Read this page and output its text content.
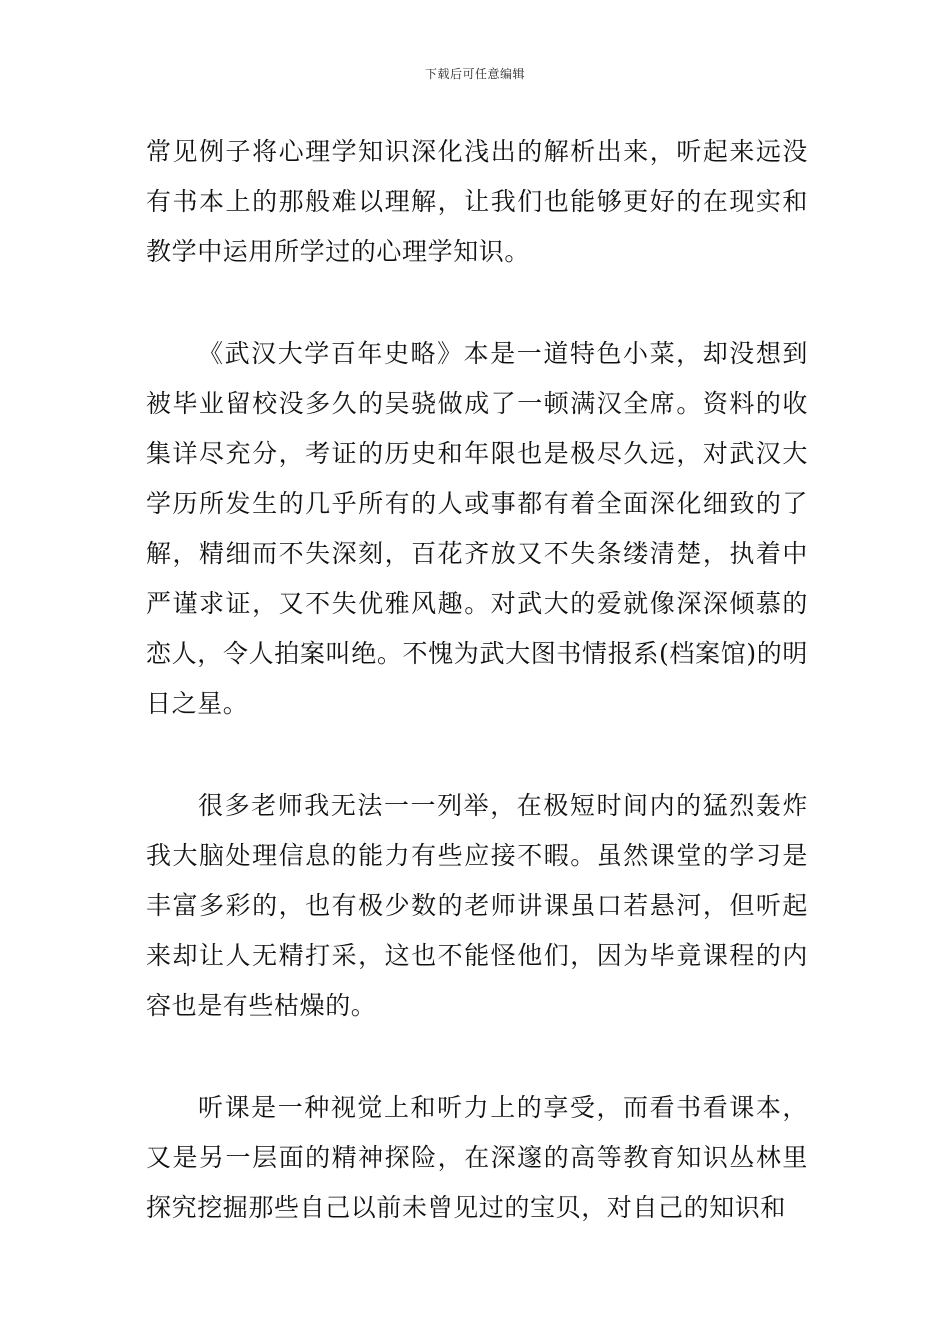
下载后可任意编辑

常见例子将心理学知识深化浅出的解析出来，听起来远没有书本上的那般难以理解，让我们也能够更好的在现实和教学中运用所学过的心理学知识。

《武汉大学百年史略》本是一道特色小菜，却没想到被毕业留校没多久的吴骁做成了一顿满汉全席。资料的收集详尽充分，考证的历史和年限也是极尽久远，对武汉大学历所发生的几乎所有的人或事都有着全面深化细致的了解，精细而不失深刻，百花齐放又不失条缕清楚，执着中严谨求证，又不失优雅风趣。对武大的爱就像深深倾慕的恋人，令人拍案叫绝。不愧为武大图书情报系(档案馆)的明日之星。

很多老师我无法一一列举，在极短时间内的猛烈轰炸我大脑处理信息的能力有些应接不暇。虽然课堂的学习是丰富多彩的，也有极少数的老师讲课虽口若悬河，但听起来却让人无精打采，这也不能怪他们，因为毕竟课程的内容也是有些枯燥的。

听课是一种视觉上和听力上的享受，而看书看课本，又是另一层面的精神探险，在深邃的高等教育知识丛林里探究挖掘那些自己以前未曾见过的宝贝，对自己的知识和
